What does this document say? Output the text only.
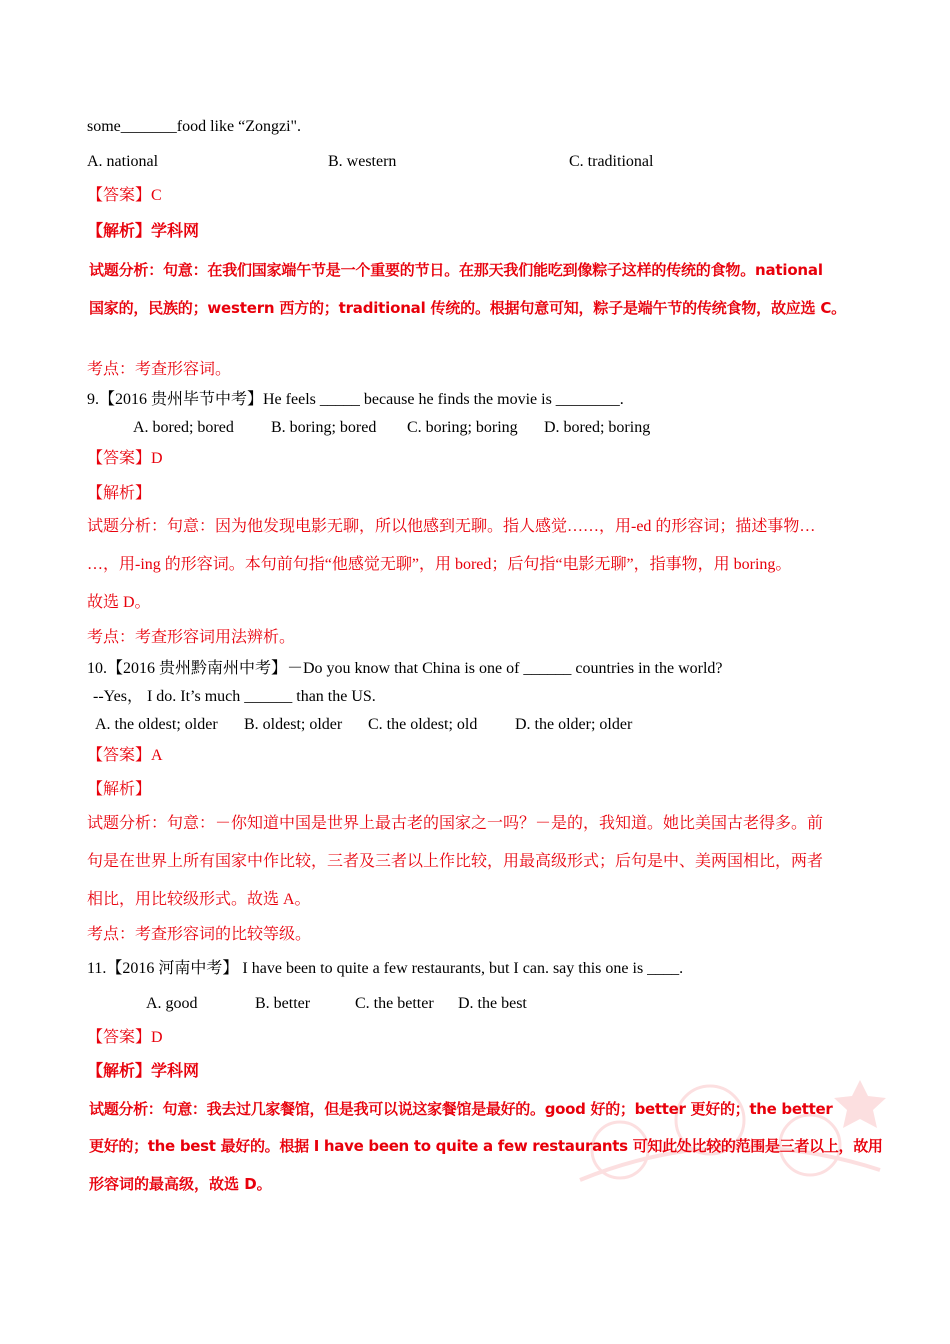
some_______food like “Zongzi".
A. national	B. western	C. traditional
【答案】C
【解析】学科网
试题分析：句意：在我们国家端午节是一个重要的节日。在那天我们能吃到像粽子这样的传统的食物。national
国家的，民族的；western 西方的；traditional 传统的。根据句意可知，粽子是端午节的传统食物，故应选 C。
考点：考查形容词。
9.【2016 贵州毕节中考】He feels _____ because he finds the movie is ________.
A. bored; bored B. boring; bored C. boring; boring D. bored; boring
【答案】D
【解析】
试题分析：句意：因为他发现电影无聊，所以他感到无聊。指人感觉……，用-ed 的形容词；描述事物…
…，用-ing 的形容词。本句前句指“他感觉无聊”，用 bored；后句指“电影无聊”，指事物，用 boring。
故选 D。
考点：考查形容词用法辨析。
10.【2016 贵州黔南州中考】－Do you know that China is one of ______ countries in the world?
--Yes， I do. It’s much ______ than the US.
A. the oldest; older B. oldest; older C. the oldest; old D. the older; older
【答案】A
【解析】
试题分析：句意：－你知道中国是世界上最古老的国家之一吗？－是的，我知道。她比美国古老得多。前
句是在世界上所有国家中作比较，三者及三者以上作比较，用最高级形式；后句是中、美两国相比，两者
相比，用比较级形式。故选 A。
考点：考查形容词的比较等级。
11.【2016 河南中考】 I have been to quite a few restaurants, but I can. say this one is ____.
A. good	B. better	C. the better D. the best
【答案】D
【解析】学科网
试题分析：句意：我去过几家餐馆，但是我可以说这家餐馆是最好的。good 好的；better 更好的；the better
更好的；the best 最好的。根据 I have been to quite a few restaurants 可知此处比较的范围是三者以上，故用
形容词的最高级，故选 D。
